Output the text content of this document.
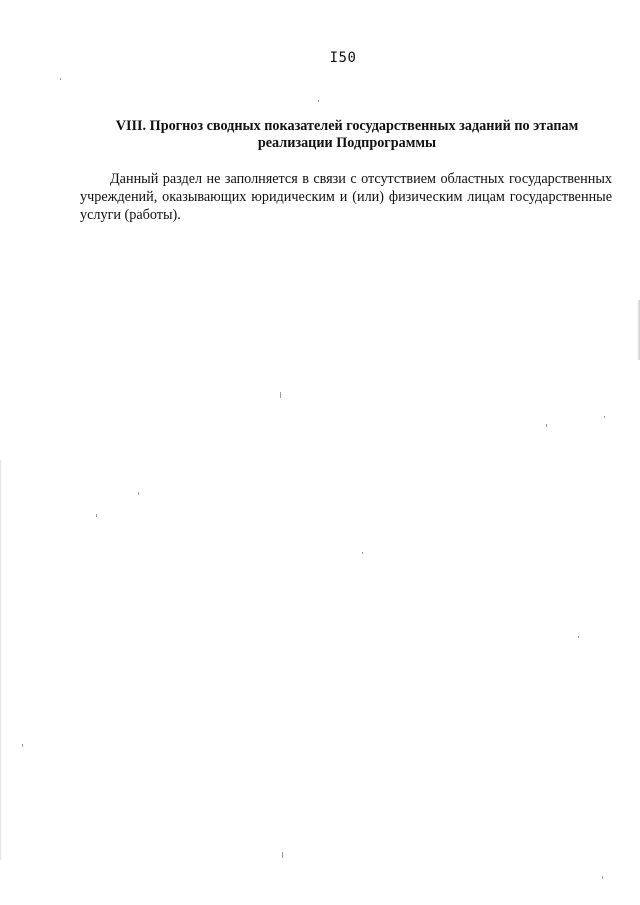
I50
VIII. Прогноз сводных показателей государственных заданий по этапам
реализации Подпрограммы
Данный раздел не заполняется в связи с отсутствием областных государственных учреждений, оказывающих юридическим и (или) физическим лицам государственные услуги (работы).
